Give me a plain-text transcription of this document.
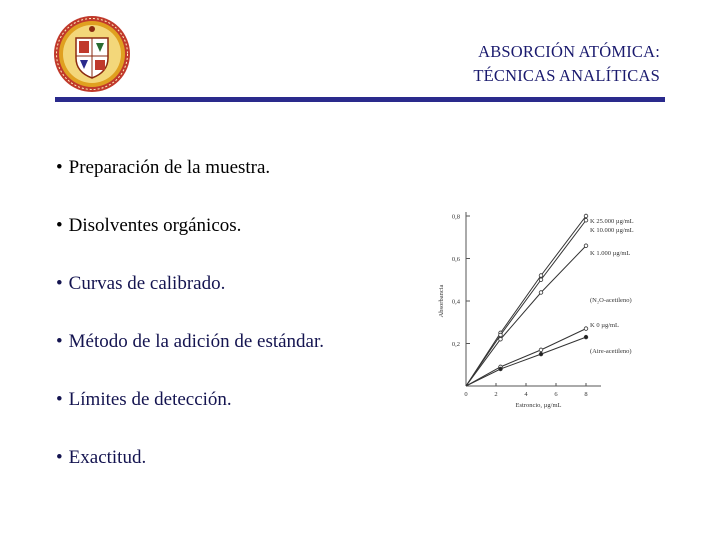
ABSORCIÓN ATÓMICA:
TÉCNICAS ANALÍTICAS
• Preparación de la muestra.
• Disolventes orgánicos.
• Curvas de calibrado.
• Método de la adición de estándar.
• Límites de detección.
• Exactitud.
0,2
0,4
0,6
0,8
0	2	4	6	8
Estroncio, µg/mL
Absorbancia
K 25.000 µg/mL
K 10.000 µg/mL
K 1.000 µg/mL
K 0 µg/mL
(N₂O-acetileno)
(Aire-acetileno)
